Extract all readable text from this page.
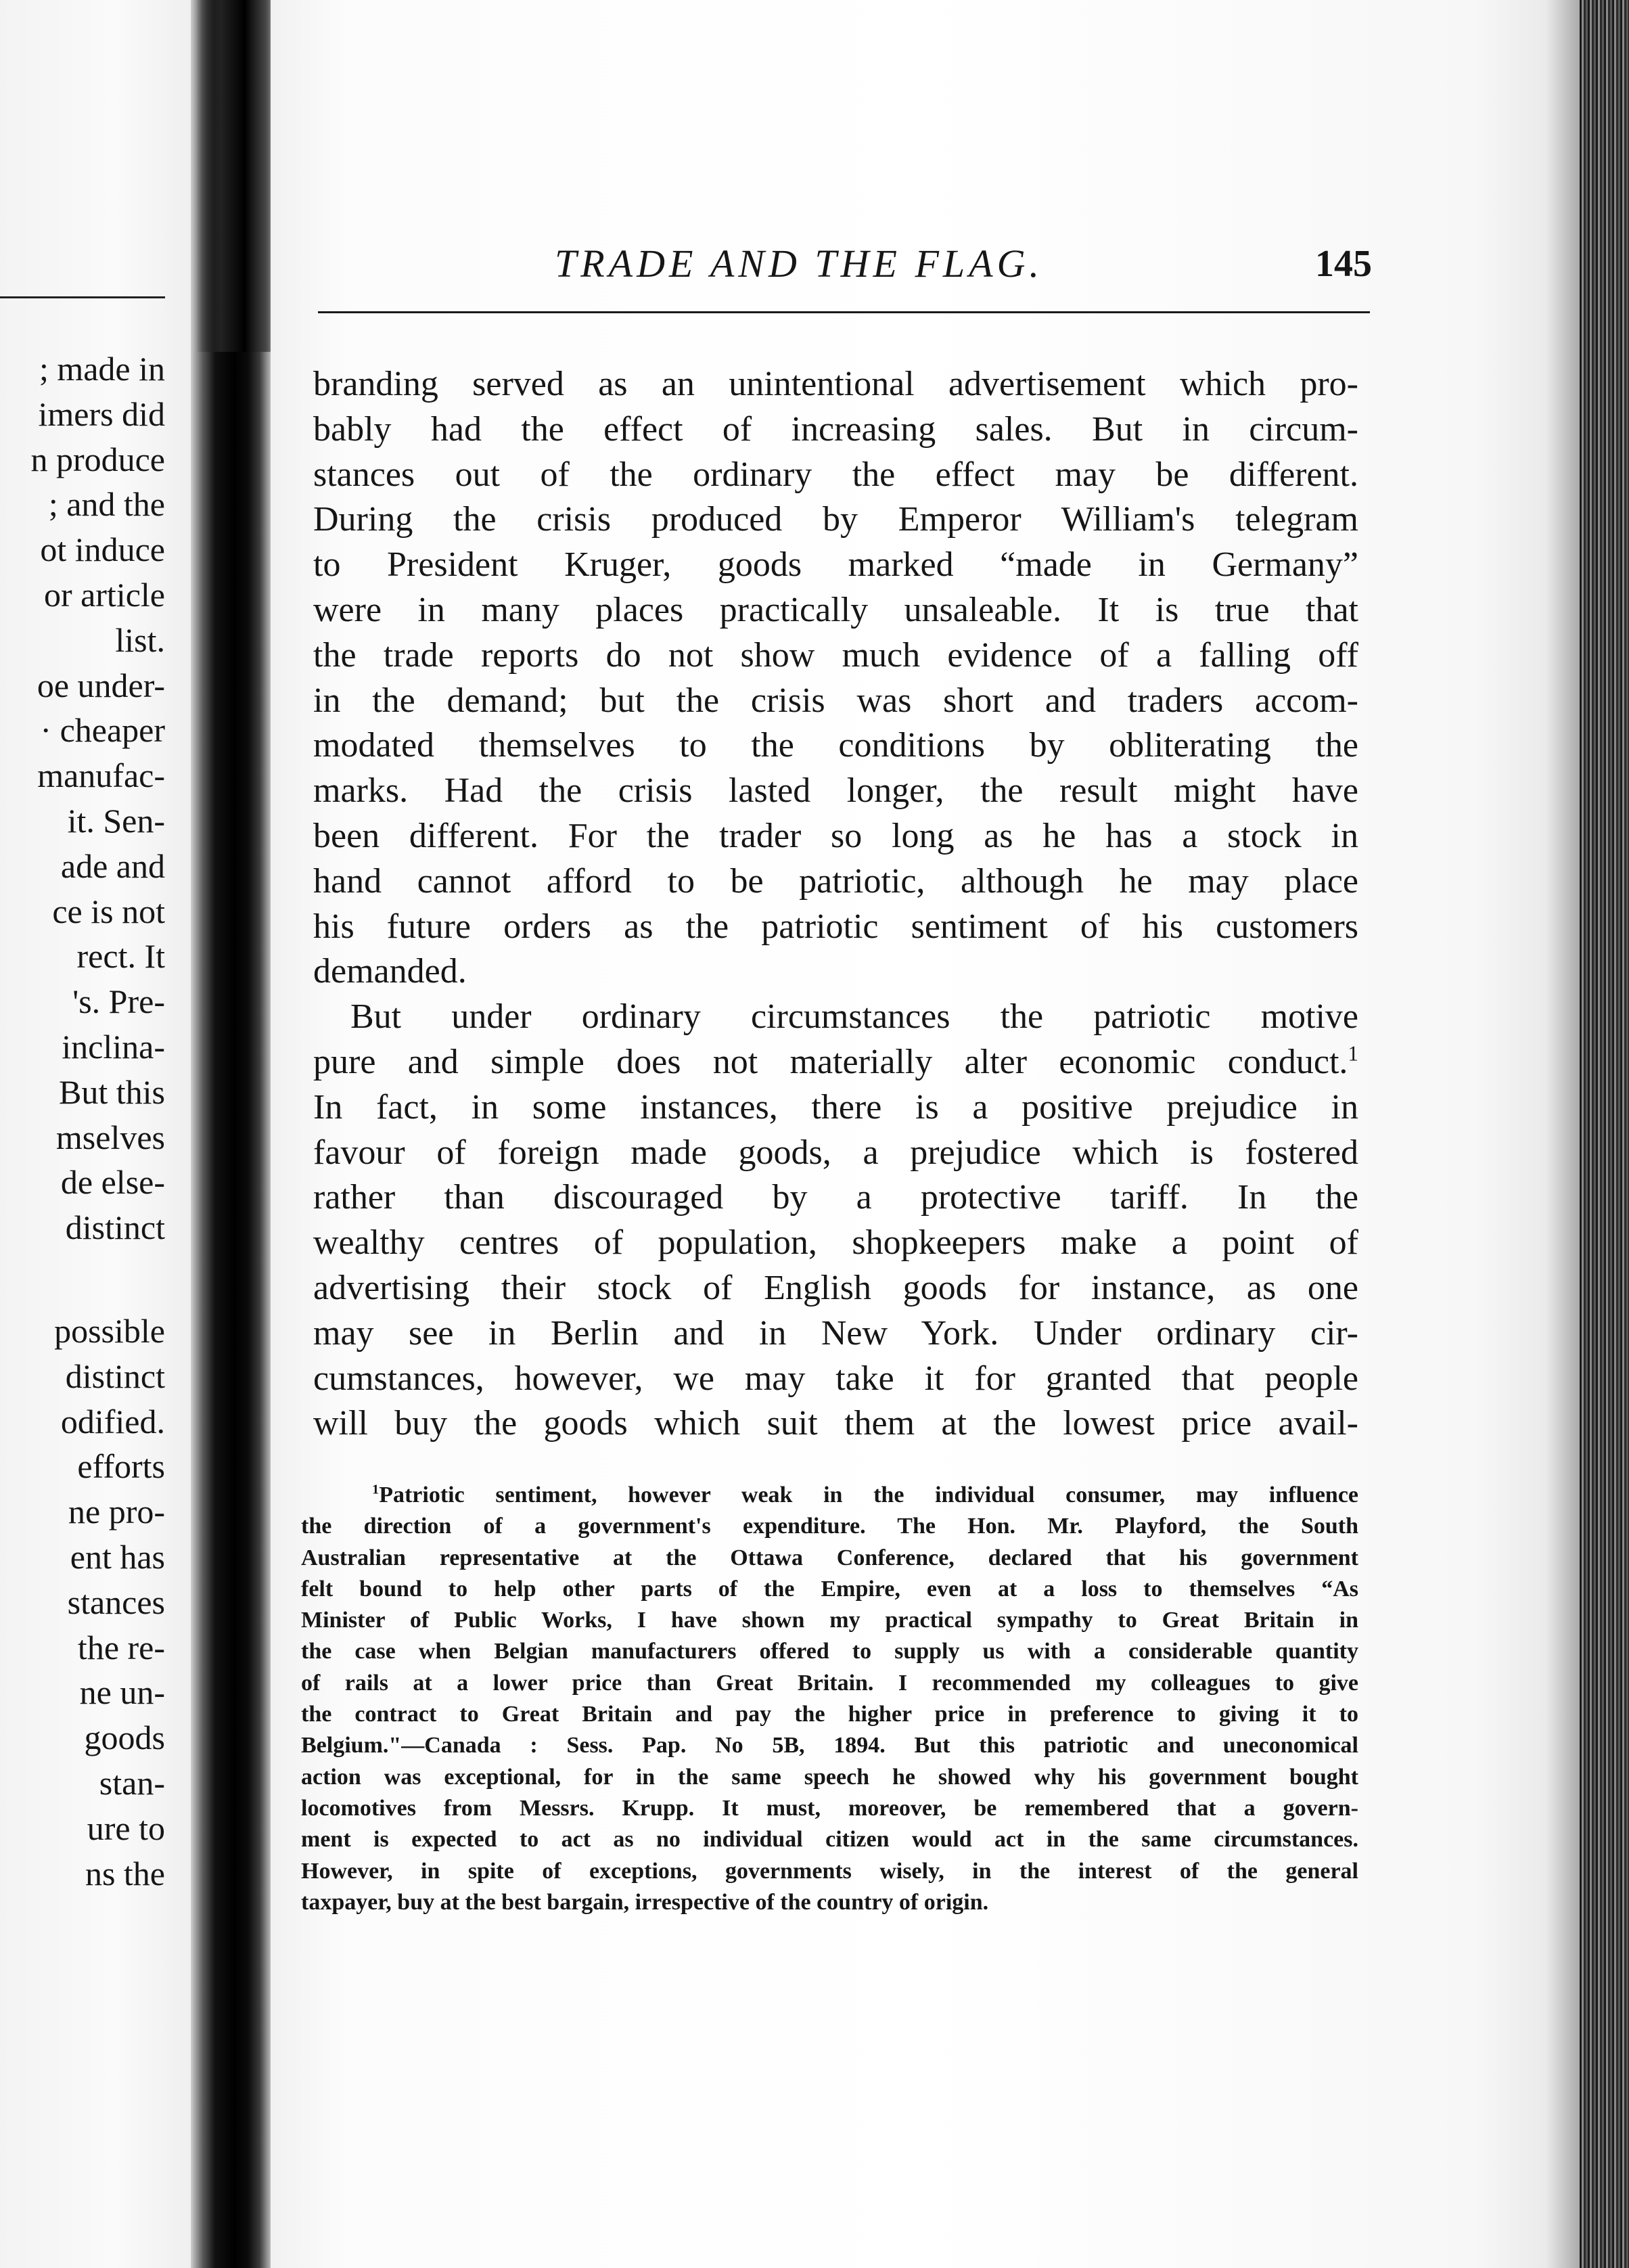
; made in
imers did
n produce
; and the
ot induce
or article
list.
oe under-
· cheaper
manufac-
it. Sen-
ade and
ce is not
rect. It
's. Pre-
inclina-
But this
mselves
de else-
distinct
possible
distinct
odified.
efforts
ne pro-
ent has
stances
the re-
ne un-
goods
stan-
ure to
ns the
TRADE AND THE FLAG.	145
branding served as an unintentional advertisement which pro-
bably had the effect of increasing sales. But in circum-
stances out of the ordinary the effect may be different.
During the crisis produced by Emperor William's telegram
to President Kruger, goods marked “made in Germany”
were in many places practically unsaleable. It is true that
the trade reports do not show much evidence of a falling off
in the demand; but the crisis was short and traders accom-
modated themselves to the conditions by obliterating the
marks. Had the crisis lasted longer, the result might have
been different. For the trader so long as he has a stock in
hand cannot afford to be patriotic, although he may place
his future orders as the patriotic sentiment of his customers
demanded.
But under ordinary circumstances the patriotic motive
pure and simple does not materially alter economic conduct.$^1$
In fact, in some instances, there is a positive prejudice in
favour of foreign made goods, a prejudice which is fostered
rather than discouraged by a protective tariff. In the
wealthy centres of population, shopkeepers make a point of
advertising their stock of English goods for instance, as one
may see in Berlin and in New York. Under ordinary cir-
cumstances, however, we may take it for granted that people
will buy the goods which suit them at the lowest price avail-
$^1$Patriotic sentiment, however weak in the individual consumer, may influence
the direction of a government's expenditure. The Hon. Mr. Playford, the South
Australian representative at the Ottawa Conference, declared that his government
felt bound to help other parts of the Empire, even at a loss to themselves “As
Minister of Public Works, I have shown my practical sympathy to Great Britain in
the case when Belgian manufacturers offered to supply us with a considerable quantity
of rails at a lower price than Great Britain. I recommended my colleagues to give
the contract to Great Britain and pay the higher price in preference to giving it to
Belgium."—Canada : Sess. Pap. No 5B, 1894. But this patriotic and uneconomical
action was exceptional, for in the same speech he showed why his government bought
locomotives from Messrs. Krupp. It must, moreover, be remembered that a govern-
ment is expected to act as no individual citizen would act in the same circumstances.
However, in spite of exceptions, governments wisely, in the interest of the general
taxpayer, buy at the best bargain, irrespective of the country of origin.
